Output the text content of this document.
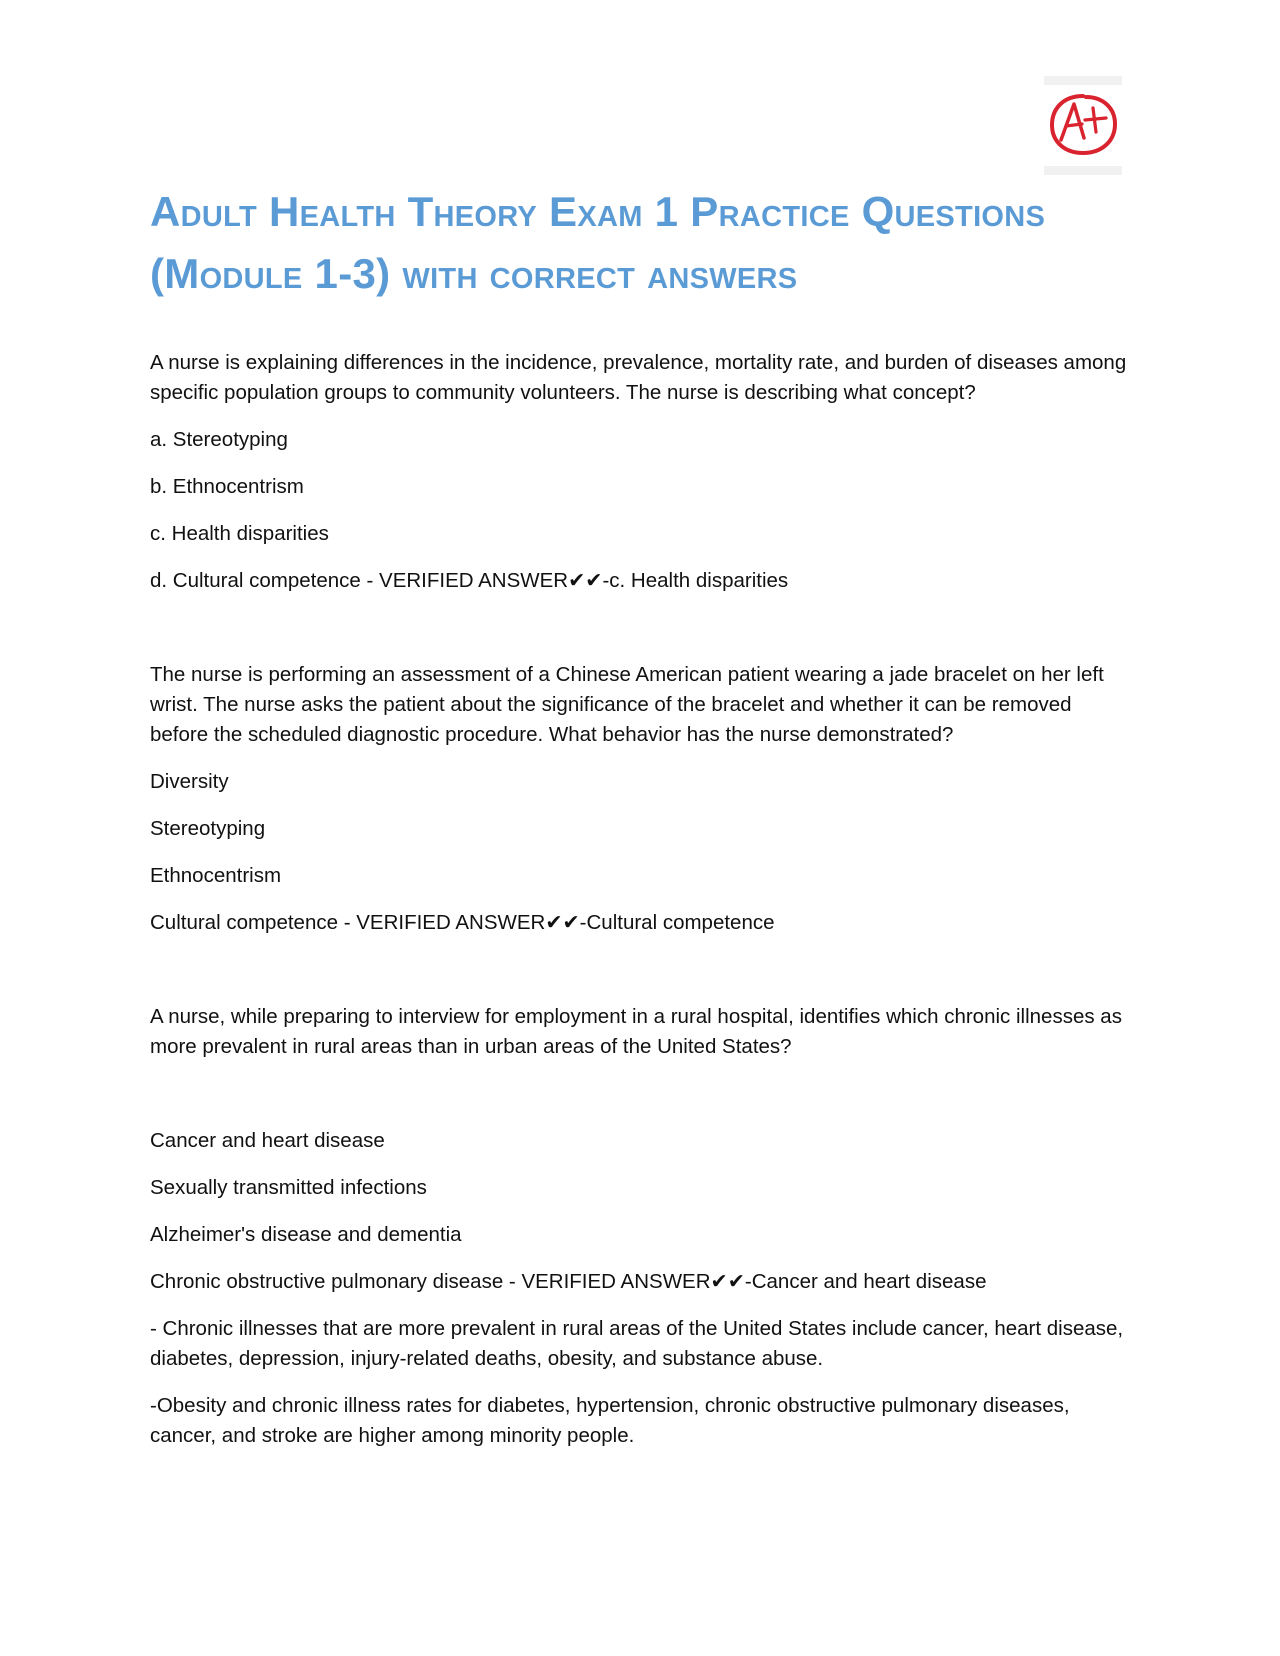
Adult Health Theory Exam 1 Practice Questions (Module 1-3) with correct answers

A nurse is explaining differences in the incidence, prevalence, mortality rate, and burden of diseases among specific population groups to community volunteers. The nurse is describing what concept?

a. Stereotyping

b. Ethnocentrism

c. Health disparities

d. Cultural competence - VERIFIED ANSWER✔✔-c. Health disparities

The nurse is performing an assessment of a Chinese American patient wearing a jade bracelet on her left wrist. The nurse asks the patient about the significance of the bracelet and whether it can be removed before the scheduled diagnostic procedure. What behavior has the nurse demonstrated?

Diversity

Stereotyping

Ethnocentrism

Cultural competence - VERIFIED ANSWER✔✔-Cultural competence

A nurse, while preparing to interview for employment in a rural hospital, identifies which chronic illnesses as more prevalent in rural areas than in urban areas of the United States?

Cancer and heart disease

Sexually transmitted infections

Alzheimer's disease and dementia

Chronic obstructive pulmonary disease - VERIFIED ANSWER✔✔-Cancer and heart disease

- Chronic illnesses that are more prevalent in rural areas of the United States include cancer, heart disease, diabetes, depression, injury-related deaths, obesity, and substance abuse.

-Obesity and chronic illness rates for diabetes, hypertension, chronic obstructive pulmonary diseases, cancer, and stroke are higher among minority people.
